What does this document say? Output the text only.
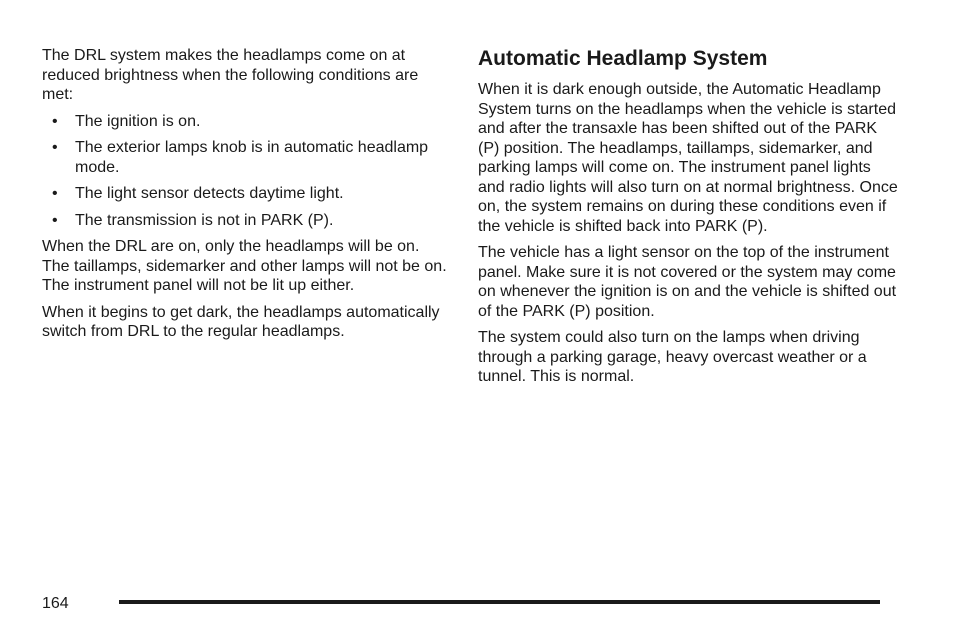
The DRL system makes the headlamps come on at reduced brightness when the following conditions are met:

• The ignition is on.
• The exterior lamps knob is in automatic headlamp mode.
• The light sensor detects daytime light.
• The transmission is not in PARK (P).

When the DRL are on, only the headlamps will be on. The taillamps, sidemarker and other lamps will not be on. The instrument panel will not be lit up either.

When it begins to get dark, the headlamps automatically switch from DRL to the regular headlamps.

Automatic Headlamp System

When it is dark enough outside, the Automatic Headlamp System turns on the headlamps when the vehicle is started and after the transaxle has been shifted out of the PARK (P) position. The headlamps, taillamps, sidemarker, and parking lamps will come on. The instrument panel lights and radio lights will also turn on at normal brightness. Once on, the system remains on during these conditions even if the vehicle is shifted back into PARK (P).

The vehicle has a light sensor on the top of the instrument panel. Make sure it is not covered or the system may come on whenever the ignition is on and the vehicle is shifted out of the PARK (P) position.

The system could also turn on the lamps when driving through a parking garage, heavy overcast weather or a tunnel. This is normal.

164
